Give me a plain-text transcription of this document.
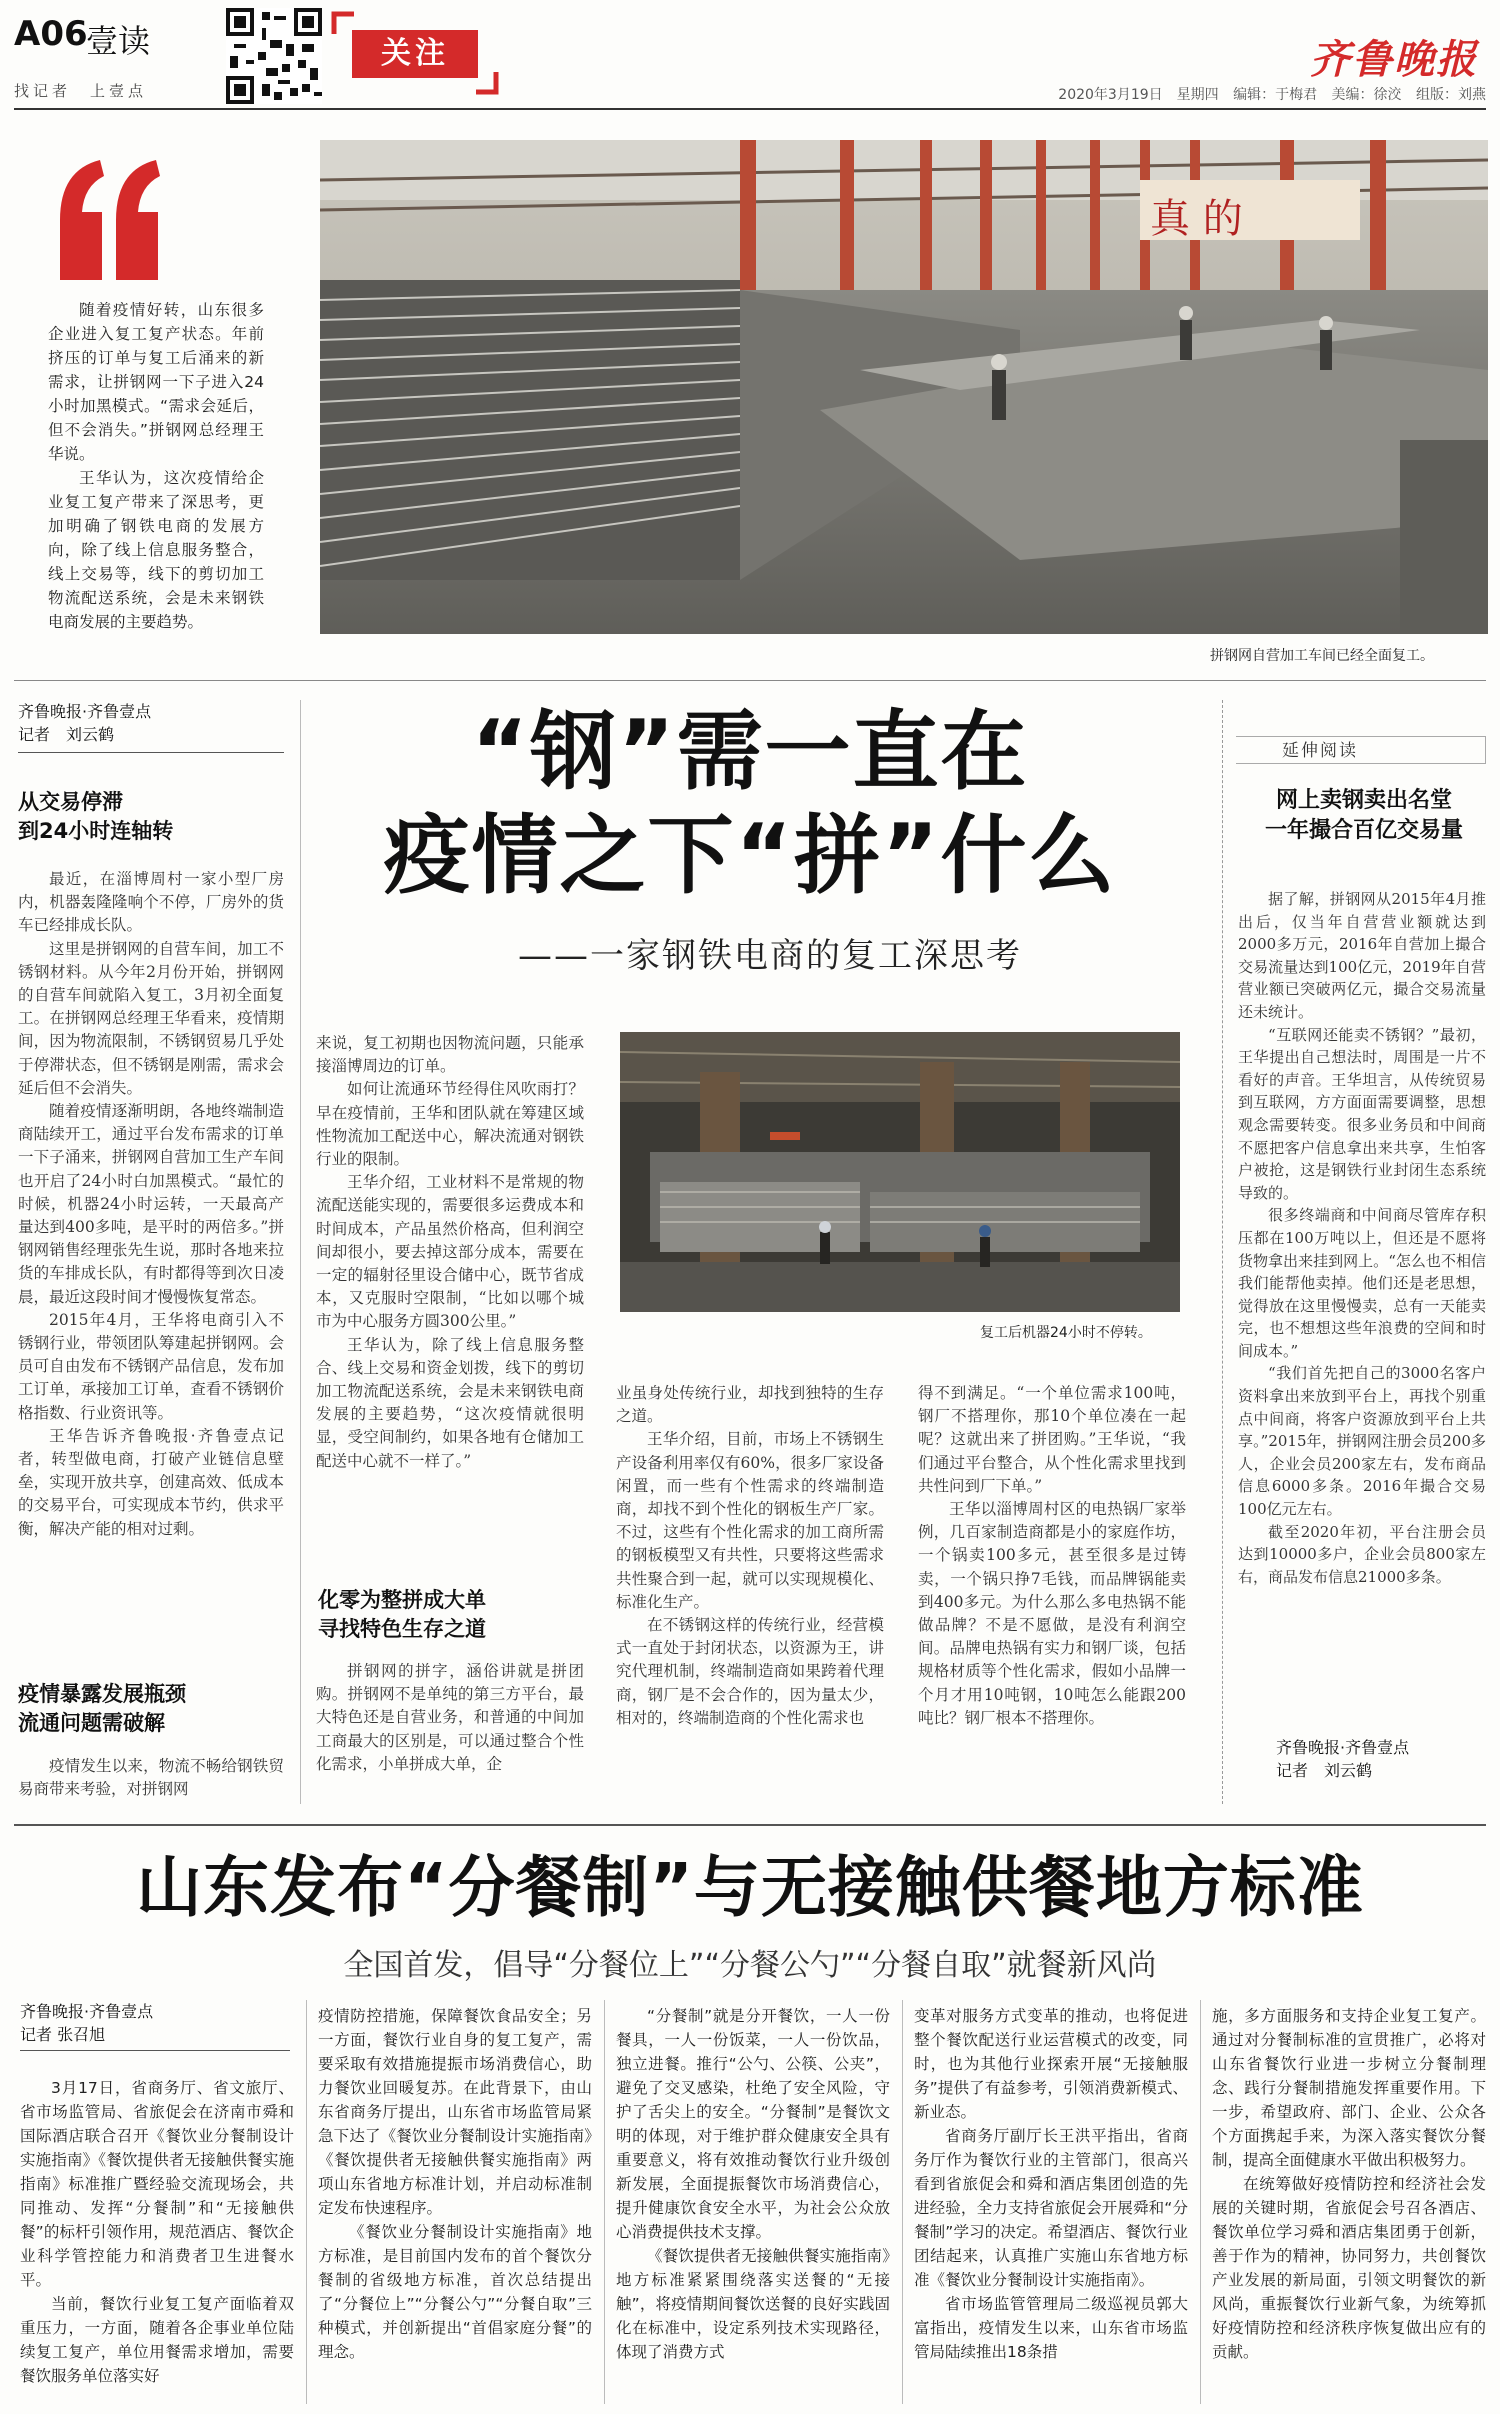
A06
壹读
找记者　上壹点
关注	齐鲁晚报
2020年3月19日　星期四 编辑：于梅君 美编：徐洨 组版：刘燕

随着疫情好转，山东很多企业进入复工复产状态。年前挤压的订单与复工后涌来的新需求，让拼钢网一下子进入24小时加黑模式。“需求会延后，但不会消失。”拼钢网总经理王华说。

王华认为，这次疫情给企业复工复产带来了深思考，更加明确了钢铁电商的发展方向，除了线上信息服务整合，线上交易等，线下的剪切加工物流配送系统，会是未来钢铁电商发展的主要趋势。

真 的
拼钢网自营加工车间已经全面复工。
齐鲁晚报·齐鲁壹点
记者　刘云鹤
从交易停滞
到24小时连轴转

最近，在淄博周村一家小型厂房内，机器轰隆隆响个不停，厂房外的货车已经排成长队。

这里是拼钢网的自营车间，加工不锈钢材料。从今年2月份开始，拼钢网的自营车间就陷入复工，3月初全面复工。在拼钢网总经理王华看来，疫情期间，因为物流限制，不锈钢贸易几乎处于停滞状态，但不锈钢是刚需，需求会延后但不会消失。

随着疫情逐渐明朗，各地终端制造商陆续开工，通过平台发布需求的订单一下子涌来，拼钢网自营加工生产车间也开启了24小时白加黑模式。“最忙的时候，机器24小时运转，一天最高产量达到400多吨，是平时的两倍多。”拼钢网销售经理张先生说，那时各地来拉货的车排成长队，有时都得等到次日凌晨，最近这段时间才慢慢恢复常态。

2015年4月，王华将电商引入不锈钢行业，带领团队筹建起拼钢网。会员可自由发布不锈钢产品信息，发布加工订单，承接加工订单，查看不锈钢价格指数、行业资讯等。

王华告诉齐鲁晚报·齐鲁壹点记者，转型做电商，打破产业链信息壁垒，实现开放共享，创建高效、低成本的交易平台，可实现成本节约，供求平衡，解决产能的相对过剩。

疫情暴露发展瓶颈
流通问题需破解

疫情发生以来，物流不畅给钢铁贸易商带来考验，对拼钢网

“钢”需一直在
疫情之下“拼”什么
——一家钢铁电商的复工深思考

来说，复工初期也因物流问题，只能承接淄博周边的订单。

如何让流通环节经得住风吹雨打？早在疫情前，王华和团队就在筹建区域性物流加工配送中心，解决流通对钢铁行业的限制。

王华介绍，工业材料不是常规的物流配送能实现的，需要很多运费成本和时间成本，产品虽然价格高，但利润空间却很小，要去掉这部分成本，需要在一定的辐射径里设合储中心，既节省成本，又克服时空限制，“比如以哪个城市为中心服务方圆300公里。”

王华认为，除了线上信息服务整合、线上交易和资金划拨，线下的剪切加工物流配送系统，会是未来钢铁电商发展的主要趋势，“这次疫情就很明显，受空间制约，如果各地有仓储加工配送中心就不一样了。”

化零为整拼成大单
寻找特色生存之道

拼钢网的拼字，涵俗讲就是拼团购。拼钢网不是单纯的第三方平台，最大特色还是自营业务，和普通的中间加工商最大的区别是，可以通过整合个性化需求，小单拼成大单，企

复工后机器24小时不停转。

业虽身处传统行业，却找到独特的生存之道。

王华介绍，目前，市场上不锈钢生产设备利用率仅有60%，很多厂家设备闲置，而一些有个性需求的终端制造商，却找不到个性化的钢板生产厂家。不过，这些有个性化需求的加工商所需的钢板模型又有共性，只要将这些需求共性聚合到一起，就可以实现规模化、标准化生产。

在不锈钢这样的传统行业，经营模式一直处于封闭状态，以资源为王，讲究代理机制，终端制造商如果跨着代理商，钢厂是不会合作的，因为量太少，相对的，终端制造商的个性化需求也

得不到满足。“一个单位需求100吨，钢厂不搭理你，那10个单位凑在一起呢？这就出来了拼团购。”王华说，“我们通过平台整合，从个性化需求里找到共性问到厂下单。”

王华以淄博周村区的电热锅厂家举例，几百家制造商都是小的家庭作坊，一个锅卖100多元，甚至很多是过铸卖，一个锅只挣7毛钱，而品牌锅能卖到400多元。为什么那么多电热锅不能做品牌？不是不愿做，是没有利润空间。品牌电热锅有实力和钢厂谈，包括规格材质等个性化需求，假如小品牌一个月才用10吨钢，10吨怎么能跟200吨比？钢厂根本不搭理你。

延伸阅读
网上卖钢卖出名堂
一年撮合百亿交易量

据了解，拼钢网从2015年4月推出后，仅当年自营营业额就达到2000多万元，2016年自营加上撮合交易流量达到100亿元，2019年自营营业额已突破两亿元，撮合交易流量还未统计。

“互联网还能卖不锈钢？”最初，王华提出自己想法时，周围是一片不看好的声音。王华坦言，从传统贸易到互联网，方方面面需要调整，思想观念需要转变。很多业务员和中间商不愿把客户信息拿出来共享，生怕客户被抢，这是钢铁行业封闭生态系统导致的。

很多终端商和中间商尽管库存积压都在100万吨以上，但还是不愿将货物拿出来挂到网上。“怎么也不相信我们能帮他卖掉。他们还是老思想，觉得放在这里慢慢卖，总有一天能卖完，也不想想这些年浪费的空间和时间成本。”

“我们首先把自己的3000名客户资料拿出来放到平台上，再找个别重点中间商，将客户资源放到平台上共享。”2015年，拼钢网注册会员200多人，企业会员200家左右，发布商品信息6000多条。2016年撮合交易100亿元左右。

截至2020年初，平台注册会员达到10000多户，企业会员800家左右，商品发布信息21000多条。

齐鲁晚报·齐鲁壹点
记者　刘云鹤
山东发布“分餐制”与无接触供餐地方标准
全国首发，倡导“分餐位上”“分餐公勺”“分餐自取”就餐新风尚
齐鲁晚报·齐鲁壹点
记者 张召旭

3月17日，省商务厅、省文旅厅、省市场监管局、省旅促会在济南市舜和国际酒店联合召开《餐饮业分餐制设计实施指南》《餐饮提供者无接触供餐实施指南》标准推广暨经验交流现场会，共同推动、发挥“分餐制”和“无接触供餐”的标杆引领作用，规范酒店、餐饮企业科学管控能力和消费者卫生进餐水平。

当前，餐饮行业复工复产面临着双重压力，一方面，随着各企事业单位陆续复工复产，单位用餐需求增加，需要餐饮服务单位落实好

疫情防控措施，保障餐饮食品安全；另一方面，餐饮行业自身的复工复产，需要采取有效措施提振市场消费信心，助力餐饮业回暖复苏。在此背景下，由山东省商务厅提出，山东省市场监管局紧急下达了《餐饮业分餐制设计实施指南》《餐饮提供者无接触供餐实施指南》两项山东省地方标准计划，并启动标准制定发布快速程序。

《餐饮业分餐制设计实施指南》地方标准，是目前国内发布的首个餐饮分餐制的省级地方标准，首次总结提出了“分餐位上”“分餐公勺”“分餐自取”三种模式，并创新提出“首倡家庭分餐”的理念。

“分餐制”就是分开餐饮，一人一份餐具，一人一份饭菜，一人一份饮品，独立进餐。推行“公勺、公筷、公夹”，避免了交叉感染，杜绝了安全风险，守护了舌尖上的安全。“分餐制”是餐饮文明的体现，对于维护群众健康安全具有重要意义，将有效推动餐饮行业升级创新发展，全面提振餐饮市场消费信心，提升健康饮食安全水平，为社会公众放心消费提供技术支撑。

《餐饮提供者无接触供餐实施指南》地方标准紧紧围绕落实送餐的“无接触”，将疫情期间餐饮送餐的良好实践固化在标准中，设定系列技术实现路径，体现了消费方式

变革对服务方式变革的推动，也将促进整个餐饮配送行业运营模式的改变，同时，也为其他行业探索开展“无接触服务”提供了有益参考，引领消费新模式、新业态。

省商务厅副厅长王洪平指出，省商务厅作为餐饮行业的主管部门，很高兴看到省旅促会和舜和酒店集团创造的先进经验，全力支持省旅促会开展舜和“分餐制”学习的决定。希望酒店、餐饮行业团结起来，认真推广实施山东省地方标准《餐饮业分餐制设计实施指南》。

省市场监管管理局二级巡视员郭大富指出，疫情发生以来，山东省市场监管局陆续推出18条措

施，多方面服务和支持企业复工复产。通过对分餐制标准的宣贯推广，必将对山东省餐饮行业进一步树立分餐制理念、践行分餐制措施发挥重要作用。下一步，希望政府、部门、企业、公众各个方面携起手来，为深入落实餐饮分餐制，提高全面健康水平做出积极努力。

在统筹做好疫情防控和经济社会发展的关键时期，省旅促会号召各酒店、餐饮单位学习舜和酒店集团勇于创新，善于作为的精神，协同努力，共创餐饮产业发展的新局面，引领文明餐饮的新风尚，重振餐饮行业新气象，为统筹抓好疫情防控和经济秩序恢复做出应有的贡献。
